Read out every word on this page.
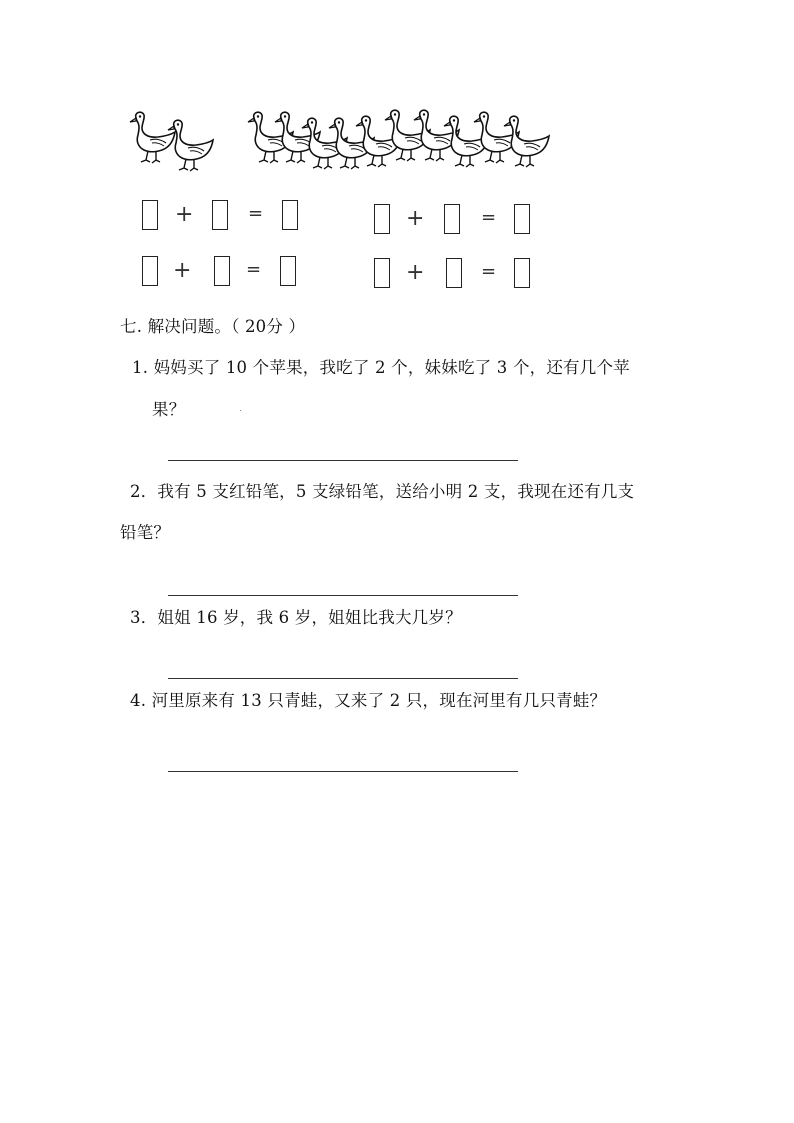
+	=	+	=
+	=	+	=
七. 解决问题。（ 20分 ）
1. 妈妈买了 10 个苹果，我吃了 2 个，妹妹吃了 3 个，还有几个苹
果？
2．我有 5 支红铅笔，5 支绿铅笔，送给小明 2 支，我现在还有几支
铅笔？
3．姐姐 16 岁，我 6 岁，姐姐比我大几岁？
4. 河里原来有 13 只青蛙，又来了 2 只，现在河里有几只青蛙？
